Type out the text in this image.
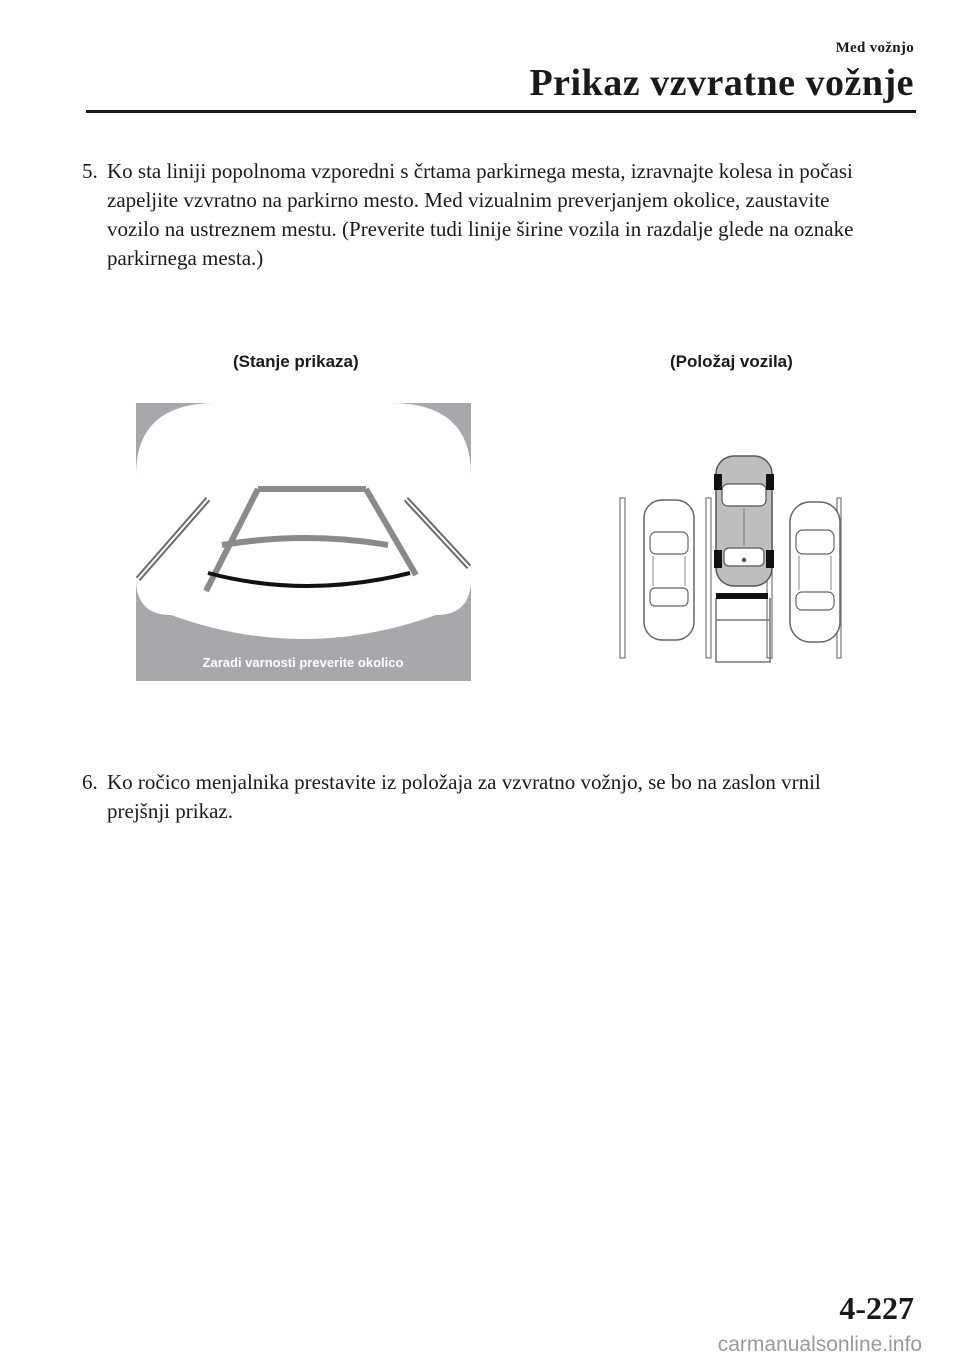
Med vožnjo
Prikaz vzvratne vožnje
5. Ko sta liniji popolnoma vzporedni s črtama parkirnega mesta, izravnajte kolesa in počasi zapeljite vzvratno na parkirno mesto. Med vizualnim preverjanjem okolice, zaustavite vozilo na ustreznem mestu. (Preverite tudi linije širine vozila in razdalje glede na oznake parkirnega mesta.)
(Stanje prikaza)	(Položaj vozila)
Zaradi varnosti preverite okolico
6. Ko ročico menjalnika prestavite iz položaja za vzvratno vožnjo, se bo na zaslon vrnil prejšnji prikaz.
4-227
carmanualsonline.info
